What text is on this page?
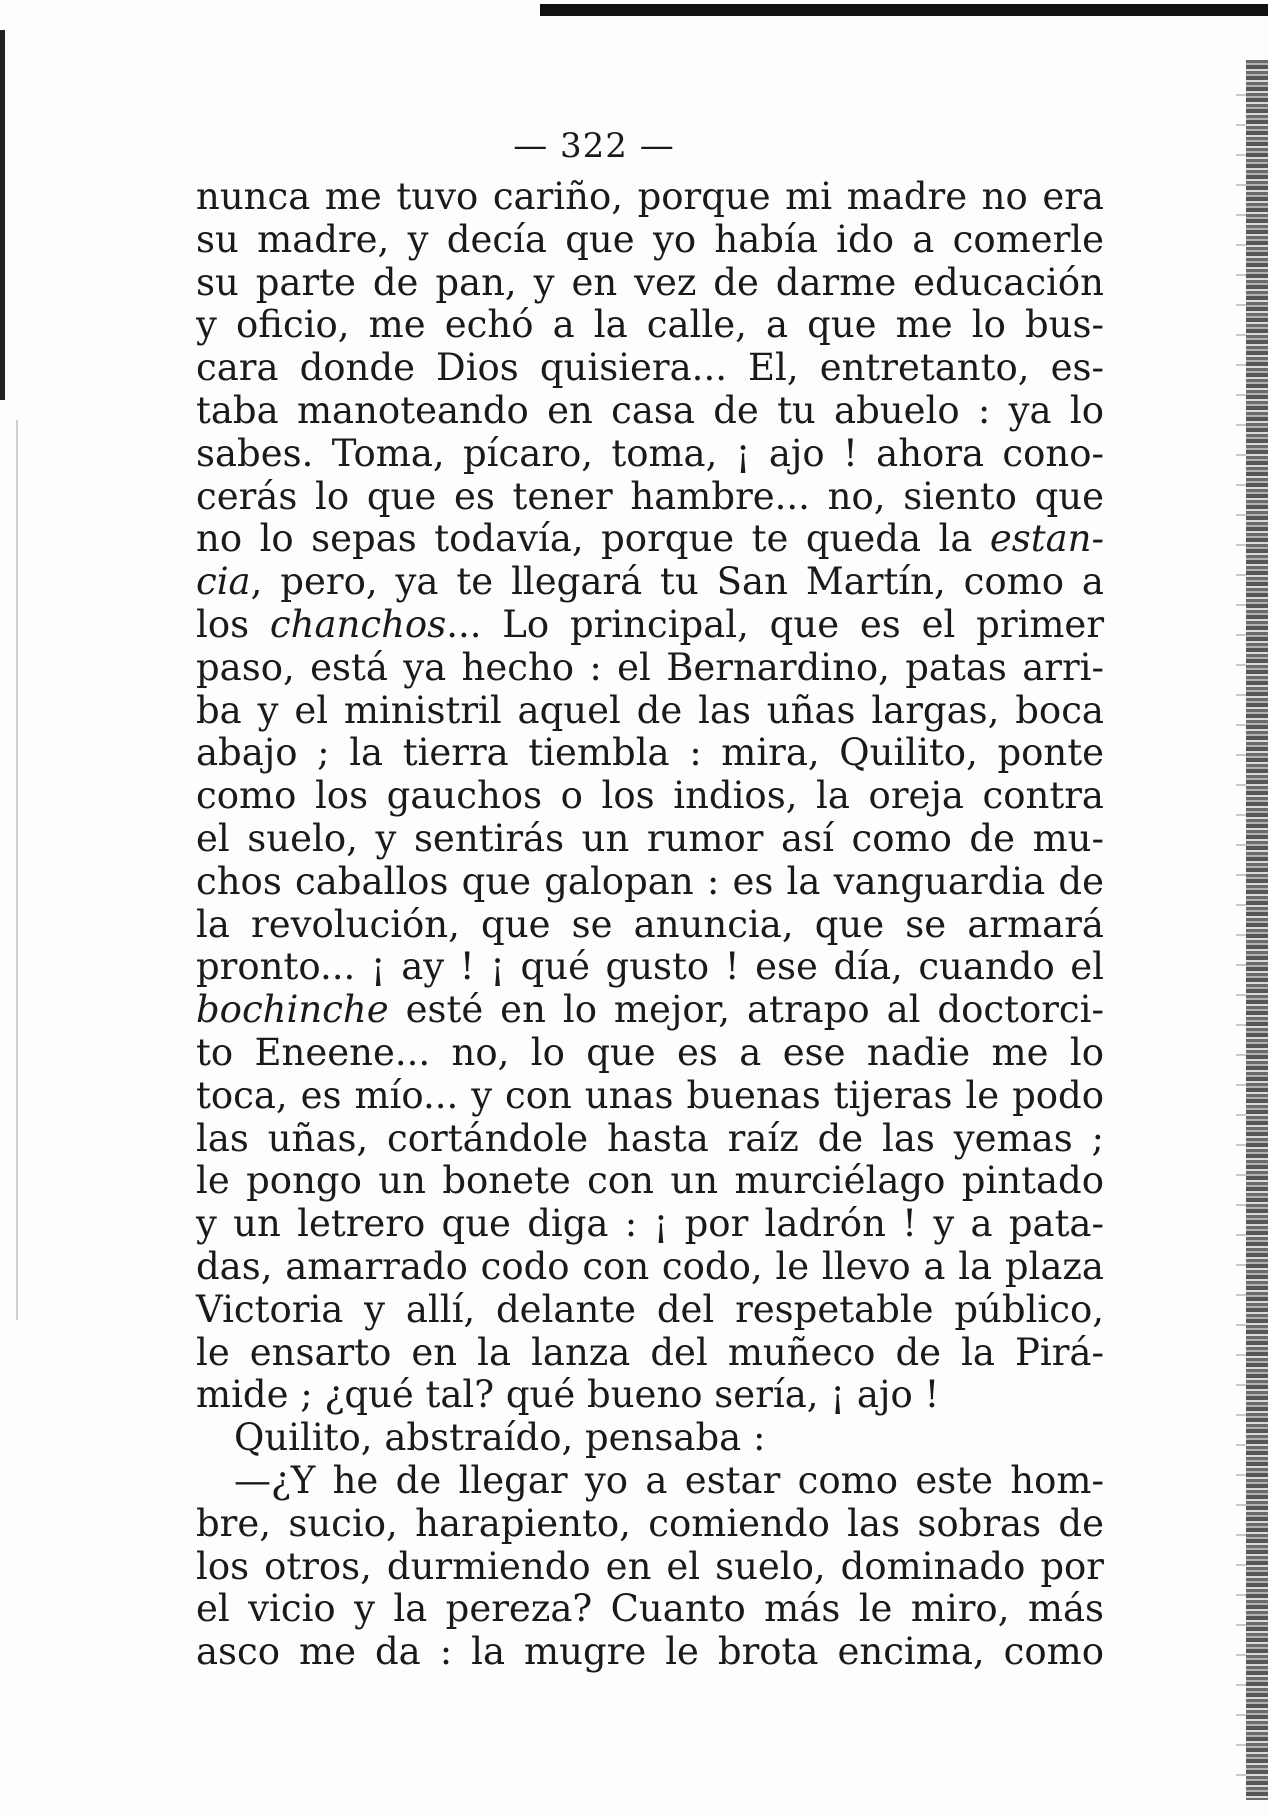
— 322 —
nunca me tuvo cariño, porque mi madre no era
su madre, y decía que yo había ido a comerle
su parte de pan, y en vez de darme educación
y oficio, me echó a la calle, a que me lo bus-
cara donde Dios quisiera... El, entretanto, es-
taba manoteando en casa de tu abuelo : ya lo
sabes. Toma, pícaro, toma, ¡ ajo ! ahora cono-
cerás lo que es tener hambre... no, siento que
no lo sepas todavía, porque te queda la estan-
cia, pero, ya te llegará tu San Martín, como a
los chanchos... Lo principal, que es el primer
paso, está ya hecho : el Bernardino, patas arri-
ba y el ministril aquel de las uñas largas, boca
abajo ; la tierra tiembla : mira, Quilito, ponte
como los gauchos o los indios, la oreja contra
el suelo, y sentirás un rumor así como de mu-
chos caballos que galopan : es la vanguardia de
la revolución, que se anuncia, que se armará
pronto... ¡ ay ! ¡ qué gusto ! ese día, cuando el
bochinche esté en lo mejor, atrapo al doctorci-
to Eneene... no, lo que es a ese nadie me lo
toca, es mío... y con unas buenas tijeras le podo
las uñas, cortándole hasta raíz de las yemas ;
le pongo un bonete con un murciélago pintado
y un letrero que diga : ¡ por ladrón ! y a pata-
das, amarrado codo con codo, le llevo a la plaza
Victoria y allí, delante del respetable público,
le ensarto en la lanza del muñeco de la Pirá-
mide ; ¿qué tal? qué bueno sería, ¡ ajo !
Quilito, abstraído, pensaba :
—¿Y he de llegar yo a estar como este hom-
bre, sucio, harapiento, comiendo las sobras de
los otros, durmiendo en el suelo, dominado por
el vicio y la pereza? Cuanto más le miro, más
asco me da : la mugre le brota encima, como
